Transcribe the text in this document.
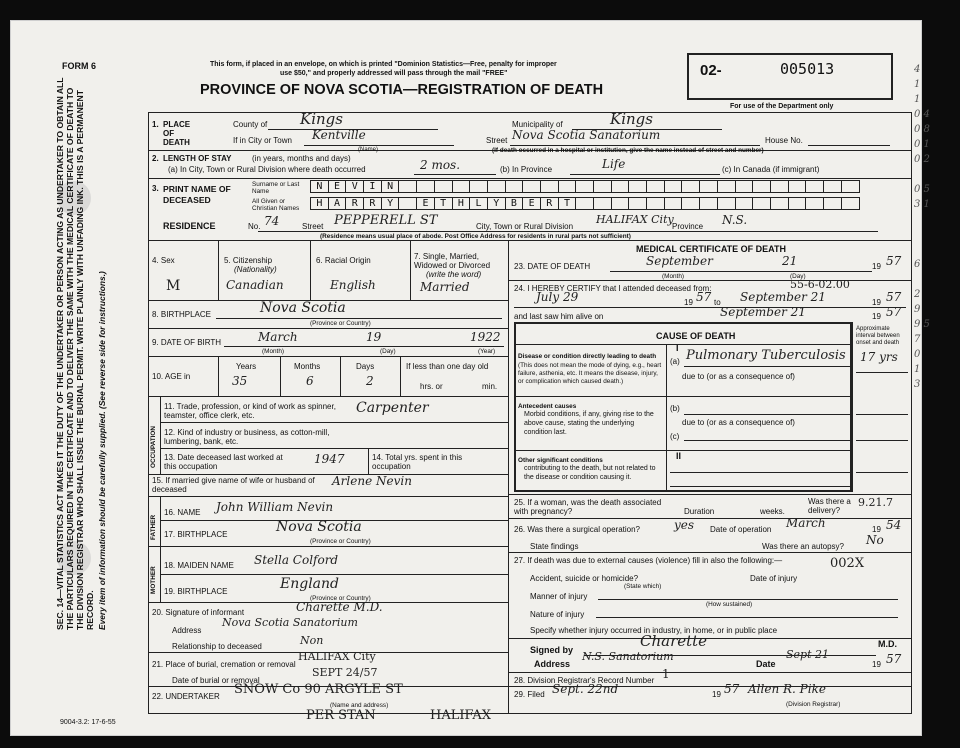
SEC. 14—VITAL STATISTICS ACT MAKES IT THE DUTY OF THE UNDERTAKER OR PERSON ACTING AS UNDERTAKER TO OBTAIN ALL THE PARTICULARS REQUIRED IN THE CERTIFICATE AND TO DELIVER THE SAME WITH THE MEDICAL CERTIFICATE OF DEATH TO THE DIVISION REGISTRAR WHO SHALL ISSUE THE BURIAL PERMIT. WRITE PLAINLY WITH UNFADING INK. THIS IS A PERMANENT RECORD. Every item of information should be carefully supplied. (See reverse side for instructions.)
FORM 6	This form, if placed in an envelope, on which is printed "Dominion Statistics—Free, penalty for improper
use $50," and properly addressed will pass through the mail "FREE"
PROVINCE OF NOVA SCOTIA—REGISTRATION OF DEATH
02-	005013
For use of the Department only
1. PLACE OF DEATH
County of Kings	Municipality of	Kings
If in City or Town Kentville
(Name)
Street Nova Scotia Sanatorium	House No.
(If death occurred in a hospital or institution, give the name instead of street and number)
2. LENGTH OF STAY	(in years, months and days)
(a) In City, Town or Rural Division where death occurred	2 mos.	(b) In Province	Life	(c) In Canada (if immigrant)
3. PRINT NAME OF DECEASED
Surname or Last Name	N	E	V	I	N
All Given or Christian Names	H	A	R	R	Y	E	T	H	L	Y	B	E	R	T
RESIDENCE	No. 74	Street PEPPERELL ST	City, Town or Rural Division
HALIFAX City
Province N.S.
(Residence means usual place of abode. Post Office Address for residents in rural parts not sufficient)
4. Sex
M
5. Citizenship
(Nationality)
Canadian
6. Racial Origin
English
7. Single, Married, Widowed or Divorced
(write the word)
Married
8. BIRTHPLACE	Nova Scotia
(Province or Country)
9. DATE OF BIRTH	March	19	1922
(Month)	(Day)	(Year)
10. AGE in
Years	Months	Days
35	6	2
If less than one day old
hrs. or	min.
OCCUPATION
11. Trade, profession, or kind of work as spinner, teamster, office clerk, etc.	Carpenter
12. Kind of industry or business, as cotton-mill, lumbering, bank, etc.
13. Date deceased last worked at this occupation
1947	14. Total yrs. spent in this occupation
15. If married give name of wife or husband of deceased
Arlene Nevin
FATHER
16. NAME John William Nevin
17. BIRTHPLACE	Nova Scotia
(Province or Country)
MOTHER
18. MAIDEN NAME Stella Colford
19. BIRTHPLACE	England
(Province or Country)
20. Signature of informant	Charette M.D.
Address
Nova Scotia Sanatorium
Relationship to deceased	Non
21. Place of burial, cremation or removal
HALIFAX City
Date of burial or removal
SEPT 24/57
22. UNDERTAKER SNOW Co 90 ARGYLE ST
(Name and address)
PER STAN	HALIFAX
9004-3.2: 17-6-55
MEDICAL CERTIFICATE OF DEATH
23. DATE OF DEATH	September	21	19 57
(Month)	(Day)
24. I HEREBY CERTIFY that I attended deceased from:	55-6-02.00
July 29	19 57 to September 21	19 57
and last saw him alive on	September 21	19 57
CAUSE OF DEATH
I
Approximate interval between onset and death
Disease or condition directly leading to death
(This does not mean the mode of dying, e.g., heart failure, asthenia, etc. It means the disease, injury, or complication which caused death.)
(a) Pulmonary Tuberculosis 17 yrs
due to (or as a consequence of)
Antecedent causes
Morbid conditions, if any, giving rise to the above cause, stating the underlying condition last.
(b)
due to (or as a consequence of)
(c)
II
Other significant conditions
contributing to the death, but not related to the disease or condition causing it.
25. If a woman, was the death associated with pregnancy?	Duration	weeks.
Was there a delivery?
9.21.7
26. Was there a surgical operation?	yes Date of operation March	19 54
State findings	Was there an autopsy? No
27. If death was due to external causes (violence) fill in also the following:—	002X
Accident, suicide or homicide?
(State which)
Date of injury
Manner of injury
(How sustained)
Nature of injury
Specify whether injury occurred in industry, in home, or in public place
Signed by	Charette	M.D.
Address
N.S. Sanatorium
Date
Sept 21
19 57
28. Division Registrar's Record Number 1
29. Filed Sept. 22nd	19 57 Allen R. Pike
(Division Registrar)
4
1
1
0 4
0 8
0 1
0 2
0 5
3 1
6
2
9
9 5
7
0
1
3
